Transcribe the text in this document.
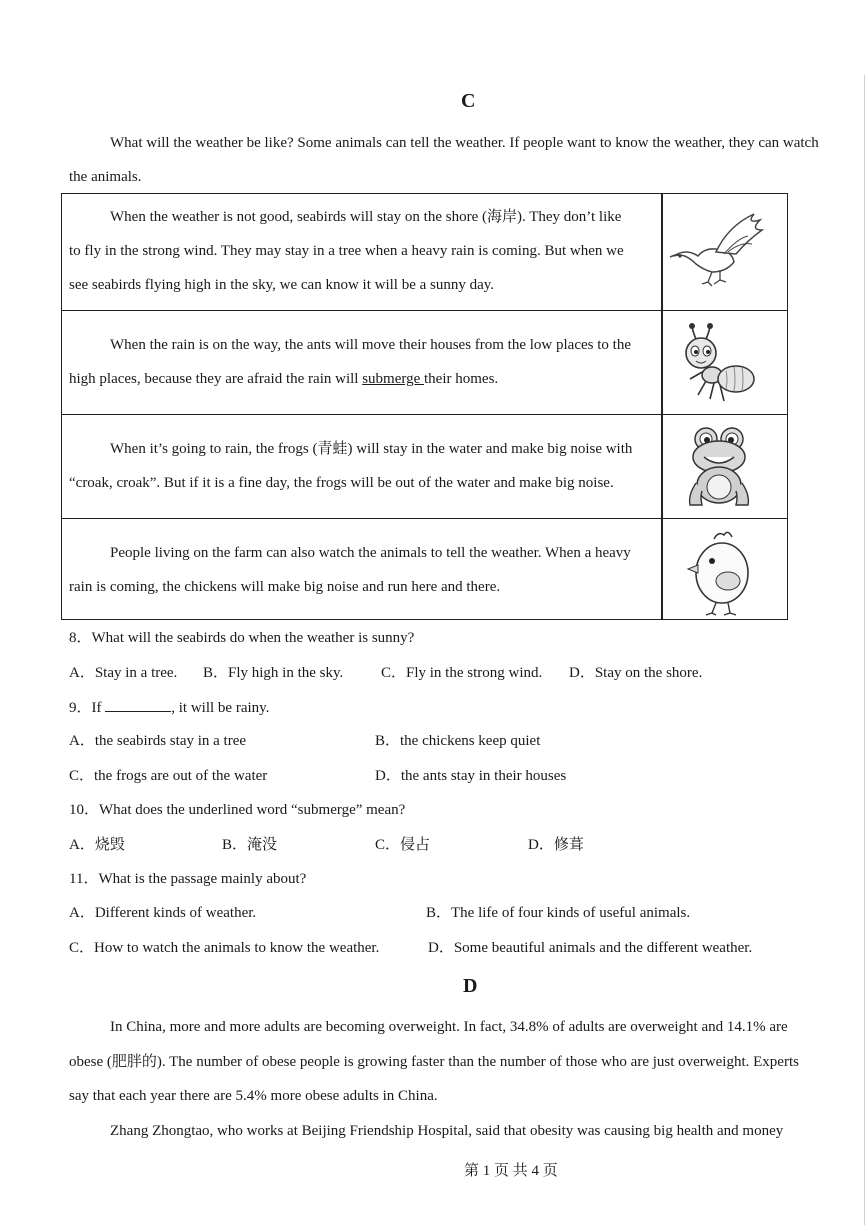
C
What will the weather be like? Some animals can tell the weather. If people want to know the weather, they can watch
the animals.
When the weather is not good, seabirds will stay on the shore (海岸). They don’t like
to fly in the strong wind. They may stay in a tree when a heavy rain is coming. But when we
see seabirds flying high in the sky, we can know it will be a sunny day.
When the rain is on the way, the ants will move their houses from the low places to the
high places, because they are afraid the rain will submerge their homes.
When it’s going to rain, the frogs (青蛙) will stay in the water and make big noise with
“croak, croak”. But if it is a fine day, the frogs will be out of the water and make big noise.
People living on the farm can also watch the animals to tell the weather. When a heavy
rain is coming, the chickens will make big noise and run here and there.
8．What will the seabirds do when the weather is sunny?
A．Stay in a tree. B．Fly high in the sky.	C．Fly in the strong wind. D．Stay on the shore.
9．If	, it will be rainy.
A．the seabirds stay in a tree	B．the chickens keep quiet
C．the frogs are out of the water	D．the ants stay in their houses
10．What does the underlined word “submerge” mean?
A．烧毁	B．淹没	C．侵占	D．修葺
11．What is the passage mainly about?
A．Different kinds of weather.	B．The life of four kinds of useful animals.
C．How to watch the animals to know the weather.	D．Some beautiful animals and the different weather.
D
In China, more and more adults are becoming overweight. In fact, 34.8% of adults are overweight and 14.1% are
obese (肥胖的). The number of obese people is growing faster than the number of those who are just overweight. Experts
say that each year there are 5.4% more obese adults in China.
Zhang Zhongtao, who works at Beijing Friendship Hospital, said that obesity was causing big health and money
第 1 页 共 4 页
